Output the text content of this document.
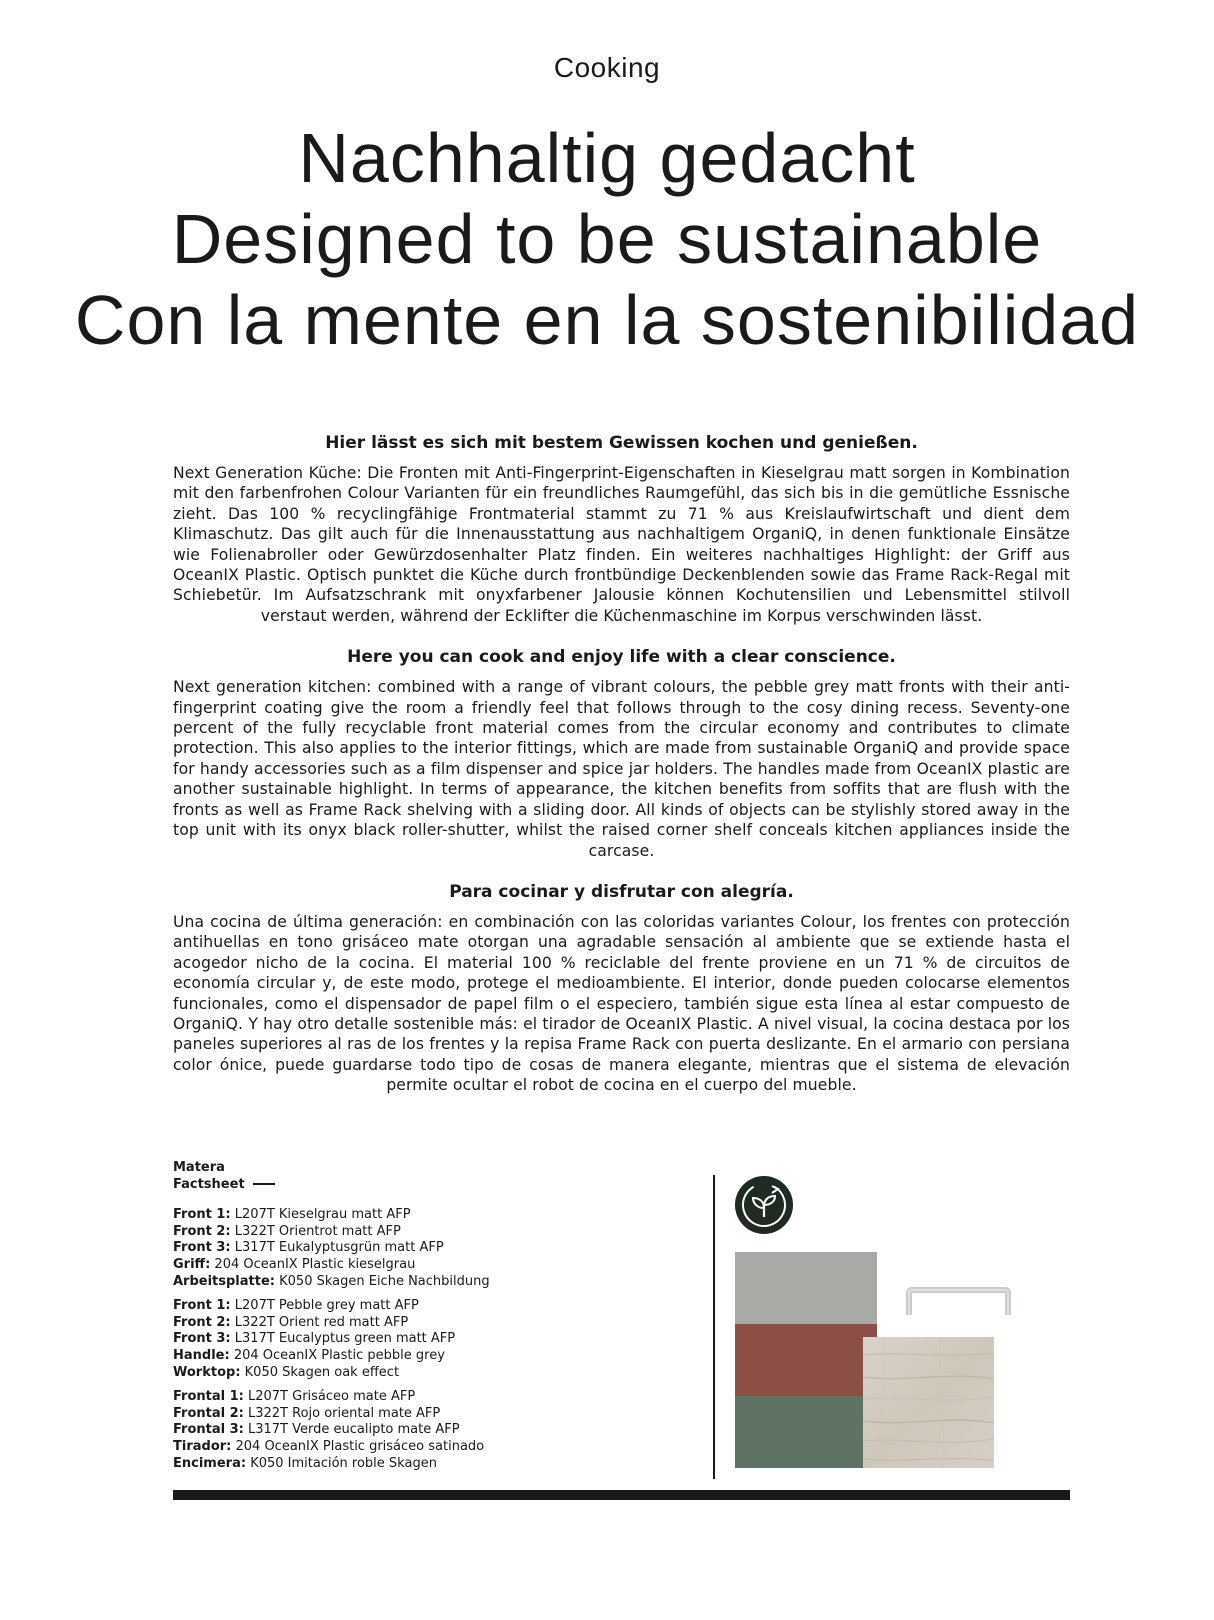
Cooking
Nachhaltig gedacht
Designed to be sustainable
Con la mente en la sostenibilidad
Hier lässt es sich mit bestem Gewissen kochen und genießen.
Next Generation Küche: Die Fronten mit Anti-Fingerprint-Eigenschaften in Kieselgrau matt sorgen in Kombination mit den farbenfrohen Colour Varianten für ein freundliches Raumgefühl, das sich bis in die gemütliche Essnische zieht. Das 100 % recyclingfähige Frontmaterial stammt zu 71 % aus Kreislaufwirtschaft und dient dem Klimaschutz. Das gilt auch für die Innenausstattung aus nachhaltigem OrganiQ, in denen funktionale Einsätze wie Folienabroller oder Gewürzdosenhalter Platz finden. Ein weiteres nachhaltiges Highlight: der Griff aus OceanIX Plastic. Optisch punktet die Küche durch frontbündige Deckenblenden sowie das Frame Rack-Regal mit Schiebetür. Im Aufsatzschrank mit onyxfarbener Jalousie können Kochutensilien und Lebensmittel stilvoll verstaut werden, während der Ecklifter die Küchenmaschine im Korpus verschwinden lässt.
Here you can cook and enjoy life with a clear conscience.
Next generation kitchen: combined with a range of vibrant colours, the pebble grey matt fronts with their anti-fingerprint coating give the room a friendly feel that follows through to the cosy dining recess. Seventy-one percent of the fully recyclable front material comes from the circular economy and contributes to climate protection. This also applies to the interior fittings, which are made from sustainable OrganiQ and provide space for handy accessories such as a film dispenser and spice jar holders. The handles made from OceanIX plastic are another sustainable highlight. In terms of appearance, the kitchen benefits from soffits that are flush with the fronts as well as Frame Rack shelving with a sliding door. All kinds of objects can be stylishly stored away in the top unit with its onyx black roller-shutter, whilst the raised corner shelf conceals kitchen appliances inside the carcase.
Para cocinar y disfrutar con alegría.
Una cocina de última generación: en combinación con las coloridas variantes Colour, los frentes con protección antihuellas en tono grisáceo mate otorgan una agradable sensación al ambiente que se extiende hasta el acogedor nicho de la cocina. El material 100 % reciclable del frente proviene en un 71 % de circuitos de economía circular y, de este modo, protege el medioambiente. El interior, donde pueden colocarse elementos funcionales, como el dispensador de papel film o el especiero, también sigue esta línea al estar compuesto de OrganiQ. Y hay otro detalle sostenible más: el tirador de OceanIX Plastic. A nivel visual, la cocina destaca por los paneles superiores al ras de los frentes y la repisa Frame Rack con puerta deslizante. En el armario con persiana color ónice, puede guardarse todo tipo de cosas de manera elegante, mientras que el sistema de elevación permite ocultar el robot de cocina en el cuerpo del mueble.
Matera
Factsheet
Front 1: L207T Kieselgrau matt AFP
Front 2: L322T Orientrot matt AFP
Front 3: L317T Eukalyptusgrün matt AFP
Griff: 204 OceanIX Plastic kieselgrau
Arbeitsplatte: K050 Skagen Eiche Nachbildung
Front 1: L207T Pebble grey matt AFP
Front 2: L322T Orient red matt AFP
Front 3: L317T Eucalyptus green matt AFP
Handle: 204 OceanIX Plastic pebble grey
Worktop: K050 Skagen oak effect
Frontal 1: L207T Grisáceo mate AFP
Frontal 2: L322T Rojo oriental mate AFP
Frontal 3: L317T Verde eucalipto mate AFP
Tirador: 204 OceanIX Plastic grisáceo satinado
Encimera: K050 Imitación roble Skagen
